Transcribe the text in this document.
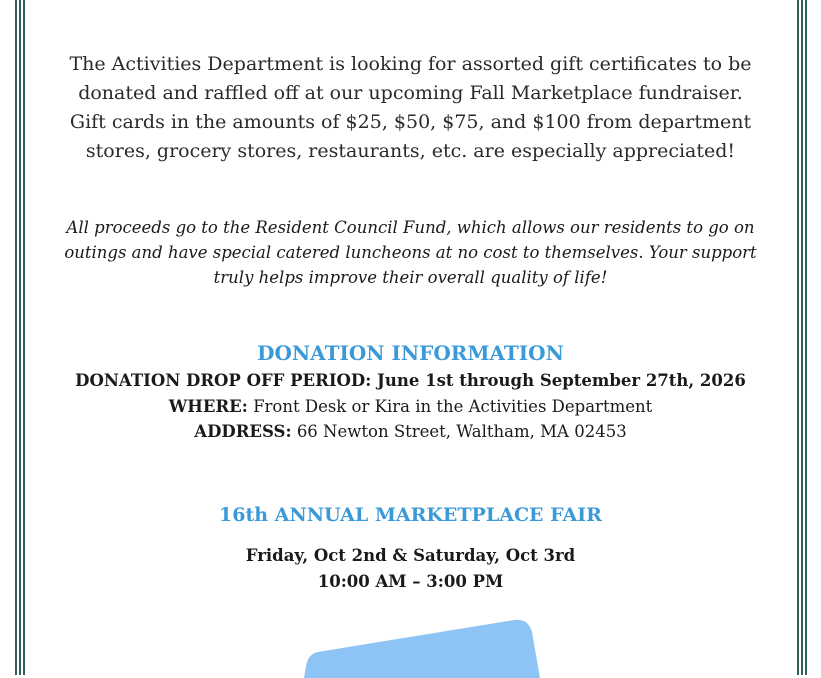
The Activities Department is looking for assorted gift certificates to be donated and raffled off at our upcoming Fall Marketplace fundraiser. Gift cards in the amounts of $25, $50, $75, and $100 from department stores, grocery stores, restaurants, etc. are especially appreciated!
All proceeds go to the Resident Council Fund, which allows our residents to go on outings and have special catered luncheons at no cost to themselves. Your support truly helps improve their overall quality of life!
DONATION INFORMATION
DONATION DROP OFF PERIOD: June 1st through September 27th, 2026
WHERE: Front Desk or Kira in the Activities Department
ADDRESS: 66 Newton Street, Waltham, MA 02453
16th ANNUAL MARKETPLACE FAIR
Friday, Oct 2nd & Saturday, Oct 3rd
10:00 AM – 3:00 PM
